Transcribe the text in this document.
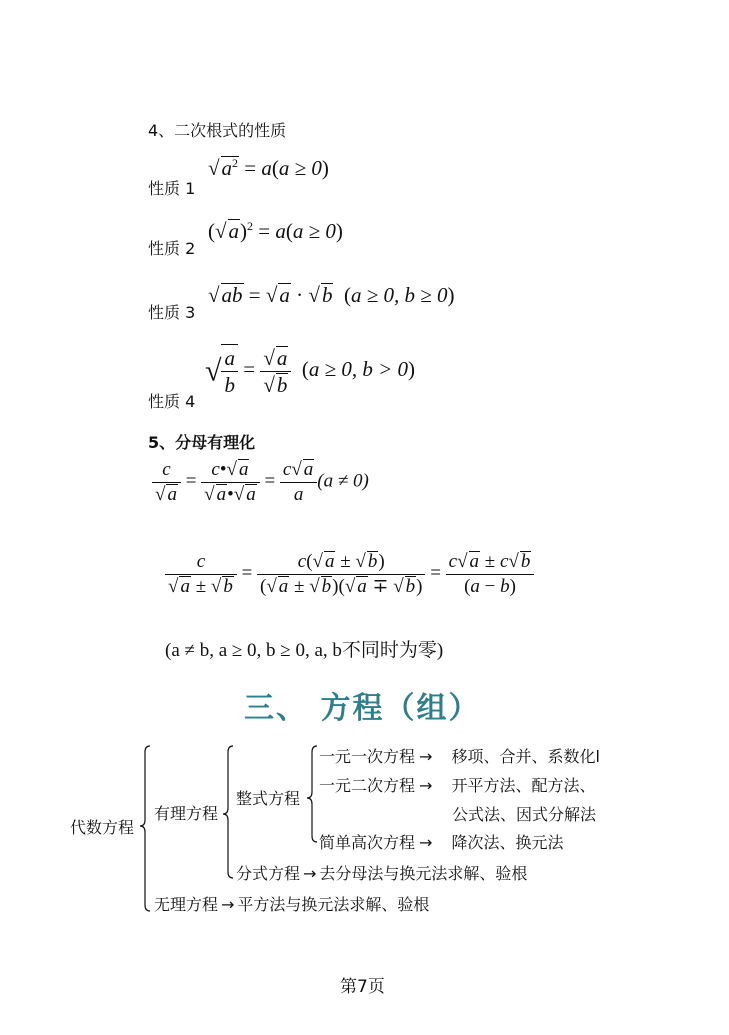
4、二次根式的性质
性质 1
$√a^2 = a(a \ge 0)$
性质 2
$(√a)^2 = a(a \ge 0)$
性质 3
√ab = √a · √b  (a ≥ 0, b ≥ 0)
性质 4
√ $\frac{a}{b} = \frac{√a}{√b} (a \ge 0$, b > 0)
5、分母有理化
$\frac{c}{√ a} = \frac{c•√ a}{√ a•√ a} = \frac{c√ a}{a} (a \ne 0)$
$\frac{c}{√ a \pm √ b} = \frac{c(√ a \pm √ b)}{(√ a \pm √ b)(√ a \mp √ b)} = \frac{c√ a \pm c√ b}{(a - b)}$
(a ≠ b, a ≥ 0, b ≥ 0, a, b不同时为零)
三、 方程（组）
代数方程
有理方程
整式方程
一元一次方程 → 移项、合并、系数化l
一元二次方程 → 开平方法、配方法、
公式法、因式分解法
简单高次方程 → 降次法、换元法
分式方程 → 去分母法与换元法求解、验根
无理方程 → 平方法与换元法求解、验根
第7页
